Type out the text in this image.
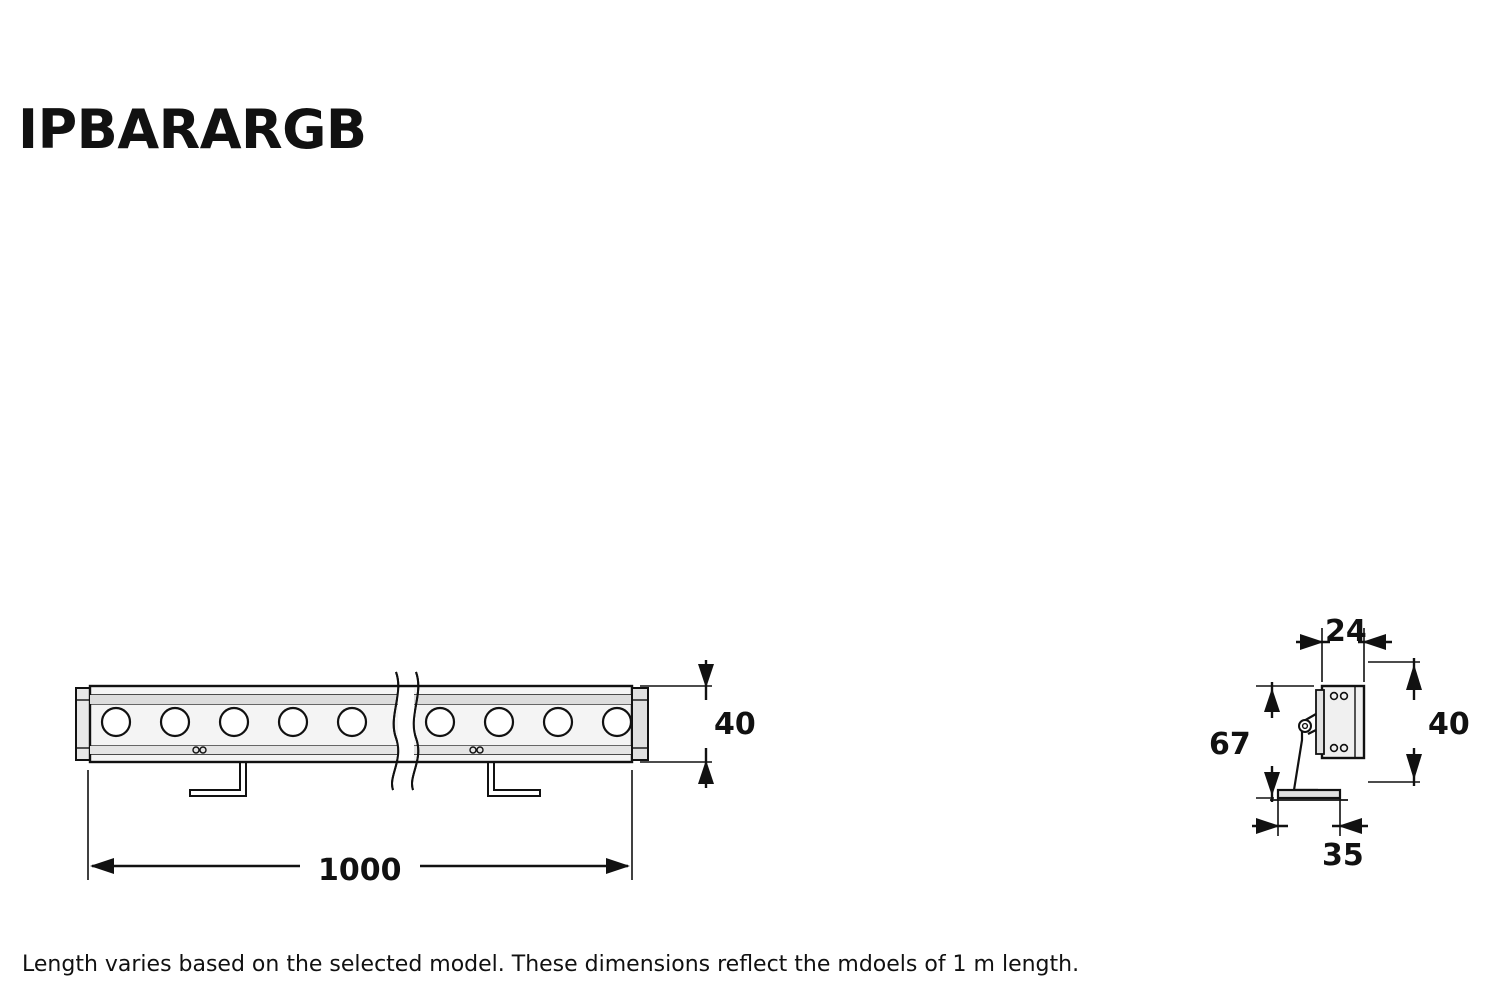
IPBARARGB
1000
40
24
67
40
35
Length varies based on the selected model. These dimensions reflect the mdoels of 1 m length.
